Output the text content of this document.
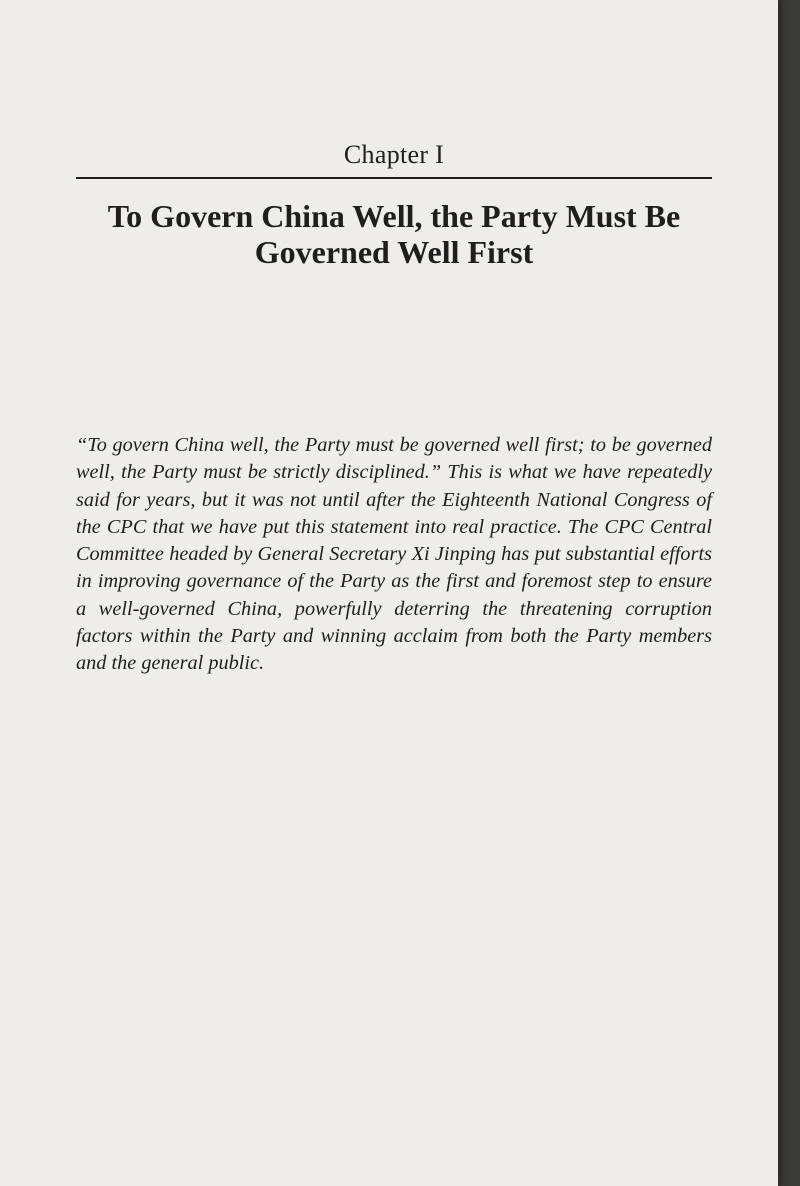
Chapter I
To Govern China Well, the Party Must Be Governed Well First

“To govern China well, the Party must be governed well first; to be governed well, the Party must be strictly disciplined.” This is what we have repeatedly said for years, but it was not until after the Eighteenth National Congress of the CPC that we have put this statement into real practice. The CPC Central Committee headed by General Secretary Xi Jinping has put substantial efforts in improving governance of the Party as the first and foremost step to ensure a well-governed China, powerfully deterring the threatening corruption factors within the Party and winning acclaim from both the Party members and the general public.
